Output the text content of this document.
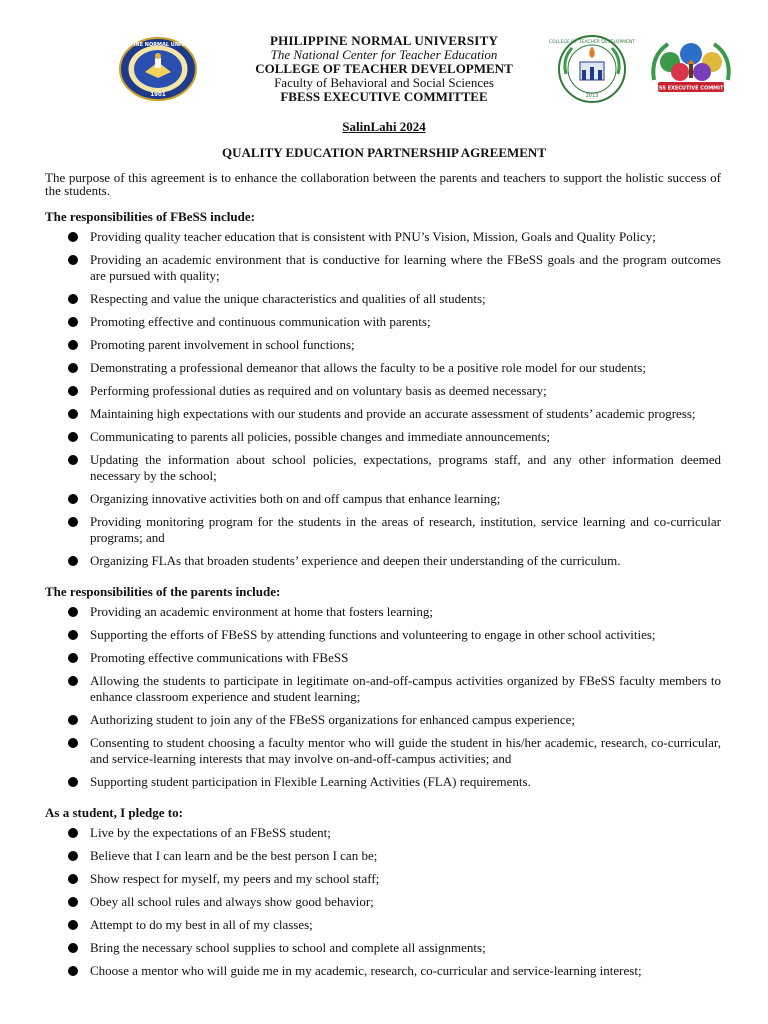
PHILIPPINE NORMAL UNIVERSITY
1901
PHILIPPINE NORMAL UNIVERSITY
The National Center for Teacher Education
COLLEGE OF TEACHER DEVELOPMENT
Faculty of Behavioral and Social Sciences
FBESS EXECUTIVE COMMITTEE
COLLEGE OF TEACHER DEVELOPMENT
2013
FBESS EXECUTIVE COMMITTEE
SalinLahi 2024
QUALITY EDUCATION PARTNERSHIP AGREEMENT

The purpose of this agreement is to enhance the collaboration between the parents and teachers to support the holistic success of the students.

The responsibilities of FBeSS include:

Providing quality teacher education that is consistent with PNU’s Vision, Mission, Goals and Quality Policy;
Providing an academic environment that is conductive for learning where the FBeSS goals and the program outcomes are pursued with quality;
Respecting and value the unique characteristics and qualities of all students;
Promoting effective and continuous communication with parents;
Promoting parent involvement in school functions;
Demonstrating a professional demeanor that allows the faculty to be a positive role model for our students;
Performing professional duties as required and on voluntary basis as deemed necessary;
Maintaining high expectations with our students and provide an accurate assessment of students’ academic progress;
Communicating to parents all policies, possible changes and immediate announcements;
Updating the information about school policies, expectations, programs staff, and any other information deemed necessary by the school;
Organizing innovative activities both on and off campus that enhance learning;
Providing monitoring program for the students in the areas of research, institution, service learning and co-curricular programs; and
Organizing FLAs that broaden students’ experience and deepen their understanding of the curriculum.

The responsibilities of the parents include:

Providing an academic environment at home that fosters learning;
Supporting the efforts of FBeSS by attending functions and volunteering to engage in other school activities;
Promoting effective communications with FBeSS
Allowing the students to participate in legitimate on-and-off-campus activities organized by FBeSS faculty members to enhance classroom experience and student learning;
Authorizing student to join any of the FBeSS organizations for enhanced campus experience;
Consenting to student choosing a faculty mentor who will guide the student in his/her academic, research, co-curricular, and service-learning interests that may involve on-and-off-campus activities; and
Supporting student participation in Flexible Learning Activities (FLA) requirements.

As a student, I pledge to:

Live by the expectations of an FBeSS student;
Believe that I can learn and be the best person I can be;
Show respect for myself, my peers and my school staff;
Obey all school rules and always show good behavior;
Attempt to do my best in all of my classes;
Bring the necessary school supplies to school and complete all assignments;
Choose a mentor who will guide me in my academic, research, co-curricular and service-learning interest;
